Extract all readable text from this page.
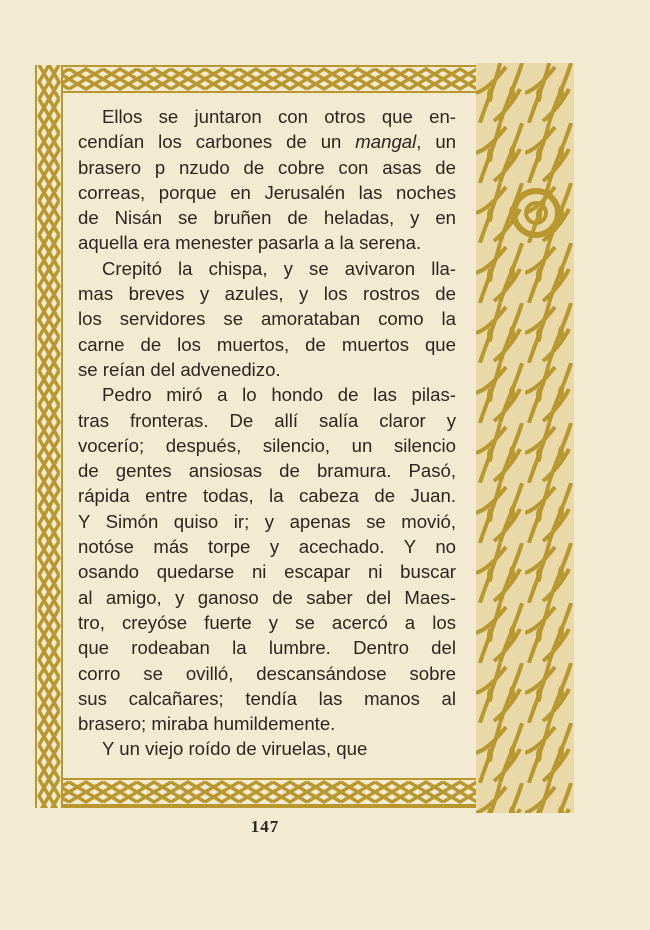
Ellos se juntaron con otros que en-
cendían los carbones de un mangal, un
brasero p nzudo de cobre con asas de
correas, porque en Jerusalén las noches
de Nisán se bruñen de heladas, y en
aquella era menester pasarla a la serena.
Crepitó la chispa, y se avivaron lla-
mas breves y azules, y los rostros de
los servidores se amorataban como la
carne de los muertos, de muertos que
se reían del advenedizo.
Pedro miró a lo hondo de las pilas-
tras fronteras. De allí salía claror y
vocerío; después, silencio, un silencio
de gentes ansiosas de bramura. Pasó,
rápida entre todas, la cabeza de Juan.
Y Simón quiso ir; y apenas se movió,
notóse más torpe y acechado. Y no
osando quedarse ni escapar ni buscar
al amigo, y ganoso de saber del Maes-
tro, creyóse fuerte y se acercó a los
que rodeaban la lumbre. Dentro del
corro se ovilló, descansándose sobre
sus calcañares; tendía las manos al
brasero; miraba humildemente.
Y un viejo roído de viruelas, que
147
